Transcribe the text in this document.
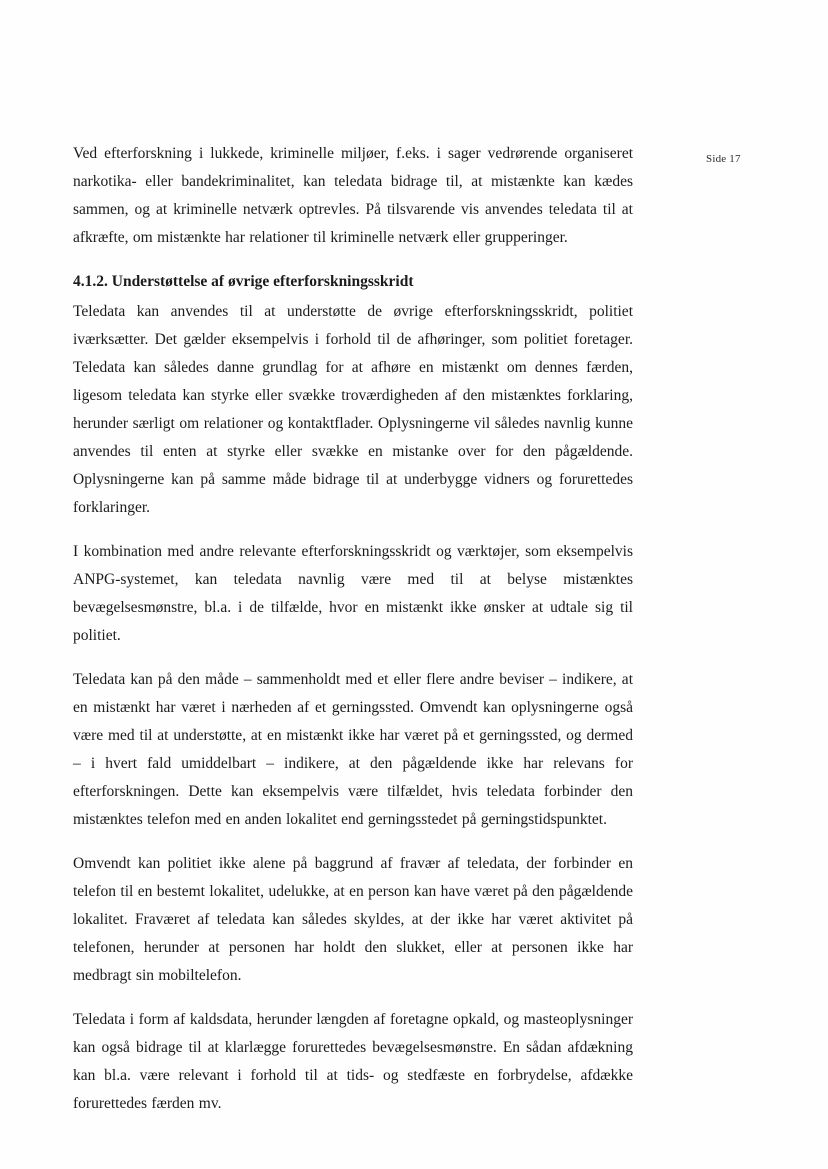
Side 17

Ved efterforskning i lukkede, kriminelle miljøer, f.eks. i sager vedrørende organiseret narkotika- eller bandekriminalitet, kan teledata bidrage til, at mistænkte kan kædes sammen, og at kriminelle netværk optrevles. På tilsvarende vis anvendes teledata til at afkræfte, om mistænkte har relationer til kriminelle netværk eller grupperinger.

4.1.2. Understøttelse af øvrige efterforskningsskridt

Teledata kan anvendes til at understøtte de øvrige efterforskningsskridt, politiet iværksætter. Det gælder eksempelvis i forhold til de afhøringer, som politiet foretager. Teledata kan således danne grundlag for at afhøre en mistænkt om dennes færden, ligesom teledata kan styrke eller svække troværdigheden af den mistænktes forklaring, herunder særligt om relationer og kontaktflader. Oplysningerne vil således navnlig kunne anvendes til enten at styrke eller svække en mistanke over for den pågældende. Oplysningerne kan på samme måde bidrage til at underbygge vidners og forurettedes forklaringer.

I kombination med andre relevante efterforskningsskridt og værktøjer, som eksempelvis ANPG-systemet, kan teledata navnlig være med til at belyse mistænktes bevægelsesmønstre, bl.a. i de tilfælde, hvor en mistænkt ikke ønsker at udtale sig til politiet.

Teledata kan på den måde – sammenholdt med et eller flere andre beviser – indikere, at en mistænkt har været i nærheden af et gerningssted. Omvendt kan oplysningerne også være med til at understøtte, at en mistænkt ikke har været på et gerningssted, og dermed – i hvert fald umiddelbart – indikere, at den pågældende ikke har relevans for efterforskningen. Dette kan eksempelvis være tilfældet, hvis teledata forbinder den mistænktes telefon med en anden lokalitet end gerningsstedet på gerningstidspunktet.

Omvendt kan politiet ikke alene på baggrund af fravær af teledata, der forbinder en telefon til en bestemt lokalitet, udelukke, at en person kan have været på den pågældende lokalitet. Fraværet af teledata kan således skyldes, at der ikke har været aktivitet på telefonen, herunder at personen har holdt den slukket, eller at personen ikke har medbragt sin mobiltelefon.

Teledata i form af kaldsdata, herunder længden af foretagne opkald, og masteoplysninger kan også bidrage til at klarlægge forurettedes bevægelsesmønstre. En sådan afdækning kan bl.a. være relevant i forhold til at tids- og stedfæste en forbrydelse, afdække forurettedes færden mv.
